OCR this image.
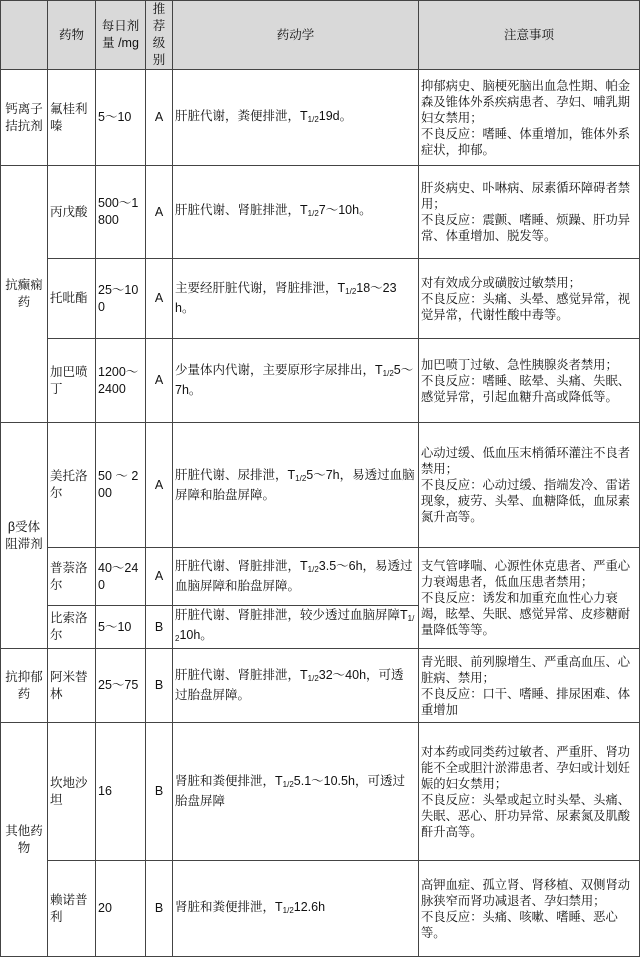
	药物	每日剂量 /mg	推荐级别	药动学	注意事项
钙离子拮抗剂	氟桂利嗪	5～10	A	肝脏代谢，粪便排泄，$T_{1/2}19d$。	抑郁病史、脑梗死脑出血急性期、帕金森及锥体外系疾病患者、孕妇、哺乳期妇女禁用；
不良反应：嗜睡、体重增加，锥体外系症状，抑郁。
抗癫痫药	丙戊酸	500～1800	A	肝脏代谢、肾脏排泄，$T_{1/2}7\sim 10h$。	肝炎病史、卟啉病、尿素循环障碍者禁用；
不良反应：震颤、嗜睡、烦躁、肝功异常、体重增加、脱发等。
	托吡酯	25～100	A	主要经肝脏代谢，肾脏排泄，$T_{1/2}18\sim 23h$。	对有效成分或磺胺过敏禁用；
不良反应：头痛、头晕、感觉异常，视觉异常，代谢性酸中毒等。
	加巴喷丁	1200～2400	A	少量体内代谢，主要原形字尿排出，$T_{1/2}5\sim 7h$。	加巴喷丁过敏、急性胰腺炎者禁用；
不良反应：嗜睡、眩晕、头痛、失眠、感觉异常，引起血糖升高或降低等。
β受体阻滞剂	美托洛尔	50 ～ 200	A	肝脏代谢、尿排泄，$T_{1/2}5\sim 7h$，易透过血脑屏障和胎盘屏障。	心动过缓、低血压末梢循环灌注不良者禁用；
不良反应：心动过缓、指端发冷、雷诺现象，疲劳、头晕、血糖降低，血尿素氮升高等。
	普萘洛尔	40～240	A	肝脏代谢、肾脏排泄，$T_{1/2}3.5\sim 6h$，易透过血脑屏障和胎盘屏障。	支气管哮喘、心源性休克患者、严重心力衰竭患者，低血压患者禁用；
不良反应：诱发和加重充血性心力衰竭，眩晕、失眠、感觉异常、皮疹糖耐量降低等等。
	比索洛尔	5～10	B	肝脏代谢、肾脏排泄，较少透过血脑屏障$T_{1/2}10h$。	
抗抑郁药	阿米替林	25～75	B	肝脏代谢、肾脏排泄，$T_{1/2}32\sim 40h$，可透过胎盘屏障。	青光眼、前列腺增生、严重高血压、心脏病、禁用；
不良反应：口干、嗜睡、排尿困难、体重增加
其他药物	坎地沙坦	16	B	肾脏和粪便排泄，$T_{1/2}5.1\sim 10.5h$，可透过胎盘屏障	对本药或同类药过敏者、严重肝、肾功能不全或胆汁淤滞患者、孕妇或计划妊娠的妇女禁用；
不良反应：头晕或起立时头晕、头痛、失眠、恶心、肝功异常、尿素氮及肌酸酐升高等。
	赖诺普利	20	B	肾脏和粪便排泄，$T_{1/2}12.6h$	高钾血症、孤立肾、肾移植、双侧肾动脉狭窄而肾功减退者、孕妇禁用；
不良反应：头痛、咳嗽、嗜睡、恶心等。
